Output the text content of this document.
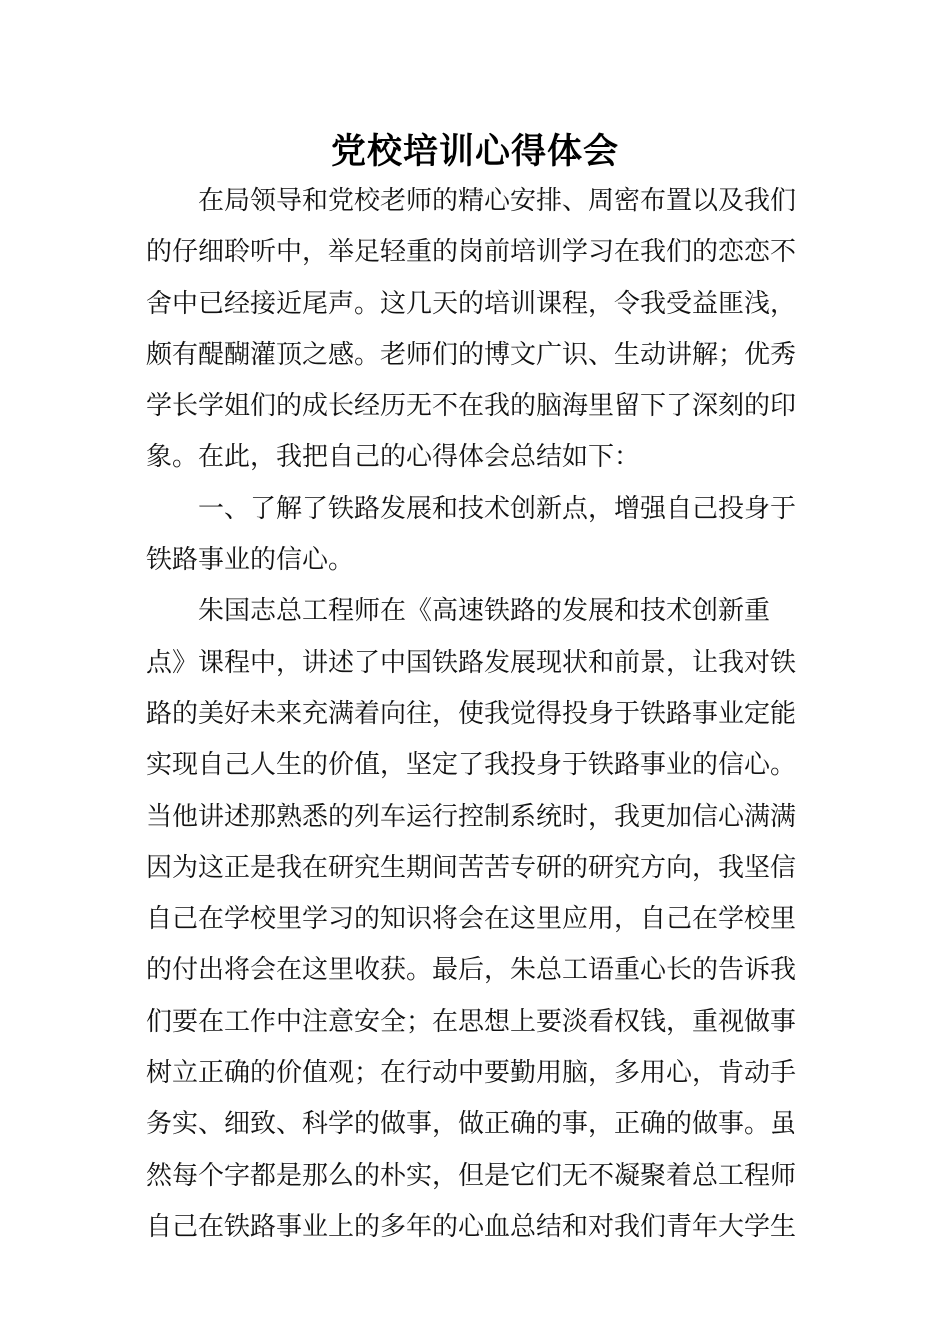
党校培训心得体会
　　在局领导和党校老师的精心安排、周密布置以及我们
的仔细聆听中，举足轻重的岗前培训学习在我们的恋恋不
舍中已经接近尾声。这几天的培训课程，令我受益匪浅，
颇有醍醐灌顶之感。老师们的博文广识、生动讲解；优秀
学长学姐们的成长经历无不在我的脑海里留下了深刻的印
象。在此，我把自己的心得体会总结如下：
　　一、了解了铁路发展和技术创新点，增强自己投身于
铁路事业的信心。
　　朱国志总工程师在《高速铁路的发展和技术创新重
点》课程中，讲述了中国铁路发展现状和前景，让我对铁
路的美好未来充满着向往，使我觉得投身于铁路事业定能
实现自己人生的价值，坚定了我投身于铁路事业的信心。
当他讲述那熟悉的列车运行控制系统时，我更加信心满满
因为这正是我在研究生期间苦苦专研的研究方向，我坚信
自己在学校里学习的知识将会在这里应用，自己在学校里
的付出将会在这里收获。最后，朱总工语重心长的告诉我
们要在工作中注意安全；在思想上要淡看权钱，重视做事
树立正确的价值观；在行动中要勤用脑，多用心，肯动手
务实、细致、科学的做事，做正确的事，正确的做事。虽
然每个字都是那么的朴实，但是它们无不凝聚着总工程师
自己在铁路事业上的多年的心血总结和对我们青年大学生
